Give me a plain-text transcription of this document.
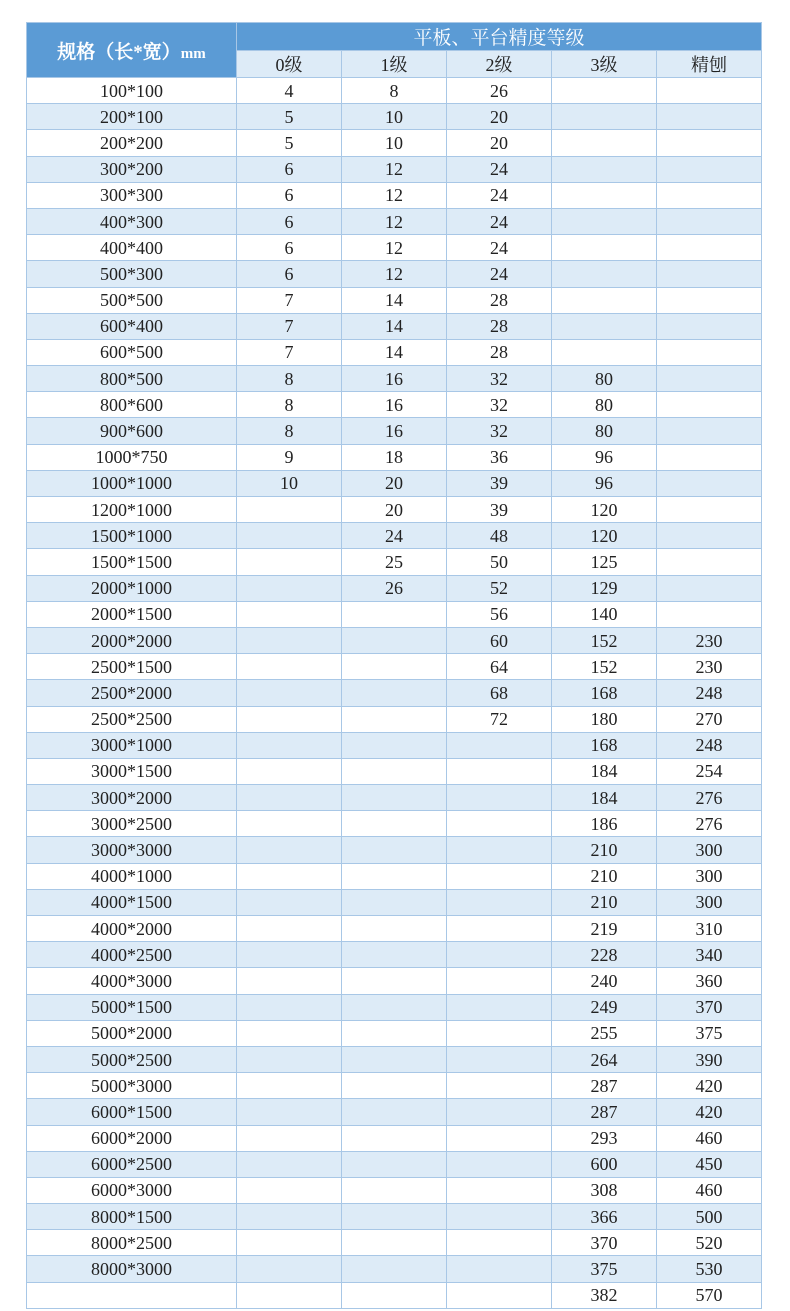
规格（长*宽）mm	平板、平台精度等级				
	0级	1级	2级	3级	精刨
100*100	4	8	26		
200*100	5	10	20		
200*200	5	10	20		
300*200	6	12	24		
300*300	6	12	24		
400*300	6	12	24		
400*400	6	12	24		
500*300	6	12	24		
500*500	7	14	28		
600*400	7	14	28		
600*500	7	14	28		
800*500	8	16	32	80	
800*600	8	16	32	80	
900*600	8	16	32	80	
1000*750	9	18	36	96	
1000*1000	10	20	39	96	
1200*1000		20	39	120	
1500*1000		24	48	120	
1500*1500		25	50	125	
2000*1000		26	52	129	
2000*1500			56	140	
2000*2000			60	152	230
2500*1500			64	152	230
2500*2000			68	168	248
2500*2500			72	180	270
3000*1000				168	248
3000*1500				184	254
3000*2000				184	276
3000*2500				186	276
3000*3000				210	300
4000*1000				210	300
4000*1500				210	300
4000*2000				219	310
4000*2500				228	340
4000*3000				240	360
5000*1500				249	370
5000*2000				255	375
5000*2500				264	390
5000*3000				287	420
6000*1500				287	420
6000*2000				293	460
6000*2500				600	450
6000*3000				308	460
8000*1500				366	500
8000*2500				370	520
8000*3000				375	530
				382	570
